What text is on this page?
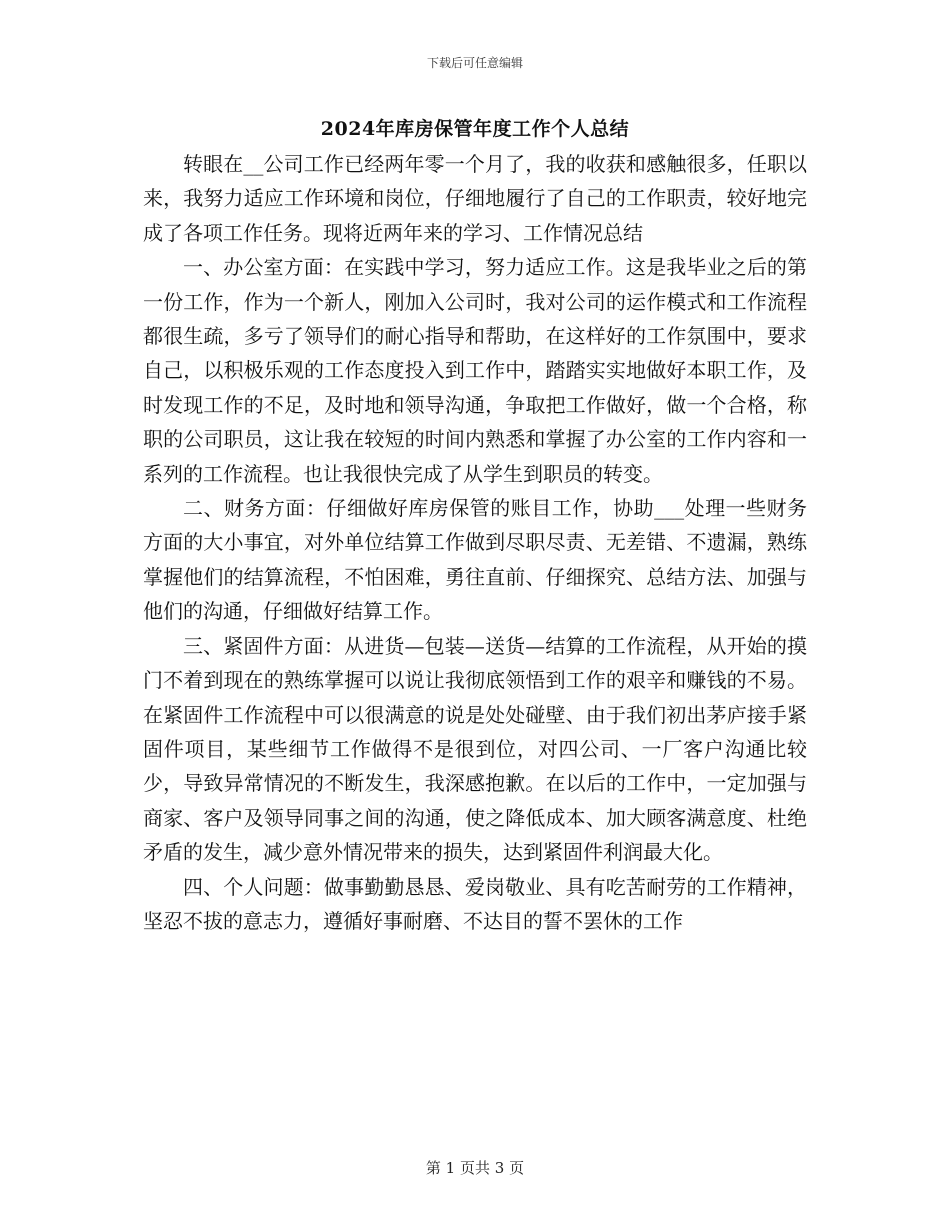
下载后可任意编辑
2024年库房保管年度工作个人总结

转眼在__公司工作已经两年零一个月了，我的收获和感触很多，任职以来，我努力适应工作环境和岗位，仔细地履行了自己的工作职责，较好地完成了各项工作任务。现将近两年来的学习、工作情况总结

一、办公室方面：在实践中学习，努力适应工作。这是我毕业之后的第一份工作，作为一个新人，刚加入公司时，我对公司的运作模式和工作流程都很生疏，多亏了领导们的耐心指导和帮助，在这样好的工作氛围中，要求自己，以积极乐观的工作态度投入到工作中，踏踏实实地做好本职工作，及时发现工作的不足，及时地和领导沟通，争取把工作做好，做一个合格，称职的公司职员，这让我在较短的时间内熟悉和掌握了办公室的工作内容和一系列的工作流程。也让我很快完成了从学生到职员的转变。

二、财务方面：仔细做好库房保管的账目工作，协助___处理一些财务方面的大小事宜，对外单位结算工作做到尽职尽责、无差错、不遗漏，熟练掌握他们的结算流程，不怕困难，勇往直前、仔细探究、总结方法、加强与他们的沟通，仔细做好结算工作。

三、紧固件方面：从进货—包装—送货—结算的工作流程，从开始的摸门不着到现在的熟练掌握可以说让我彻底领悟到工作的艰辛和赚钱的不易。在紧固件工作流程中可以很满意的说是处处碰壁、由于我们初出茅庐接手紧固件项目，某些细节工作做得不是很到位，对四公司、一厂客户沟通比较少，导致异常情况的不断发生，我深感抱歉。在以后的工作中，一定加强与商家、客户及领导同事之间的沟通，使之降低成本、加大顾客满意度、杜绝矛盾的发生，减少意外情况带来的损失，达到紧固件利润最大化。

四、个人问题：做事勤勤恳恳、爱岗敬业、具有吃苦耐劳的工作精神，坚忍不拔的意志力，遵循好事耐磨、不达目的誓不罢休的工作

第 1 页共 3 页
